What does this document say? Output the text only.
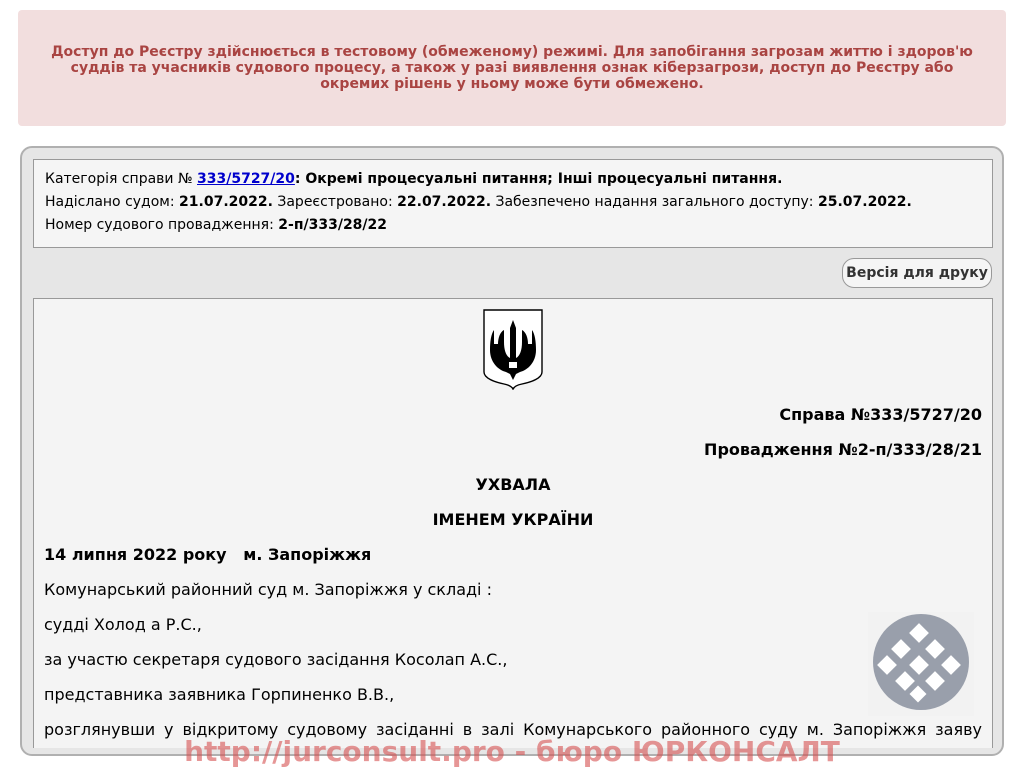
Доступ до Реєстру здійснюється в тестовому (обмеженому) режимі. Для запобігання загрозам життю і здоров'ю суддів та учасників судового процесу, а також у разі виявлення ознак кіберзагрози, доступ до Реєстру або окремих рішень у ньому може бути обмежено.

Категорія справи № 333/5727/20: Окремі процесуальні питання; Інші процесуальні питання.
Надіслано судом: 21.07.2022. Зареєстровано: 22.07.2022. Забезпечено надання загального доступу: 25.07.2022.
Номер судового провадження: 2-п/333/28/22
Версія для друку
Справа №333/5727/20
Провадження №2-п/333/28/21
УХВАЛА
ІМЕНЕМ УКРАЇНИ
14 липня 2022 року   м. Запоріжжя
Комунарський районний суд м. Запоріжжя у складі :
судді Холод а Р.С.,
за участю секретаря судового засідання Косолап А.С.,
представника заявника Горпиненко В.В.,
розглянувши у відкритому судовому засіданні в залі Комунарського районного суду м. Запоріжжя заяву
http://jurconsult.pro - бюро ЮРКОНСАЛТ
